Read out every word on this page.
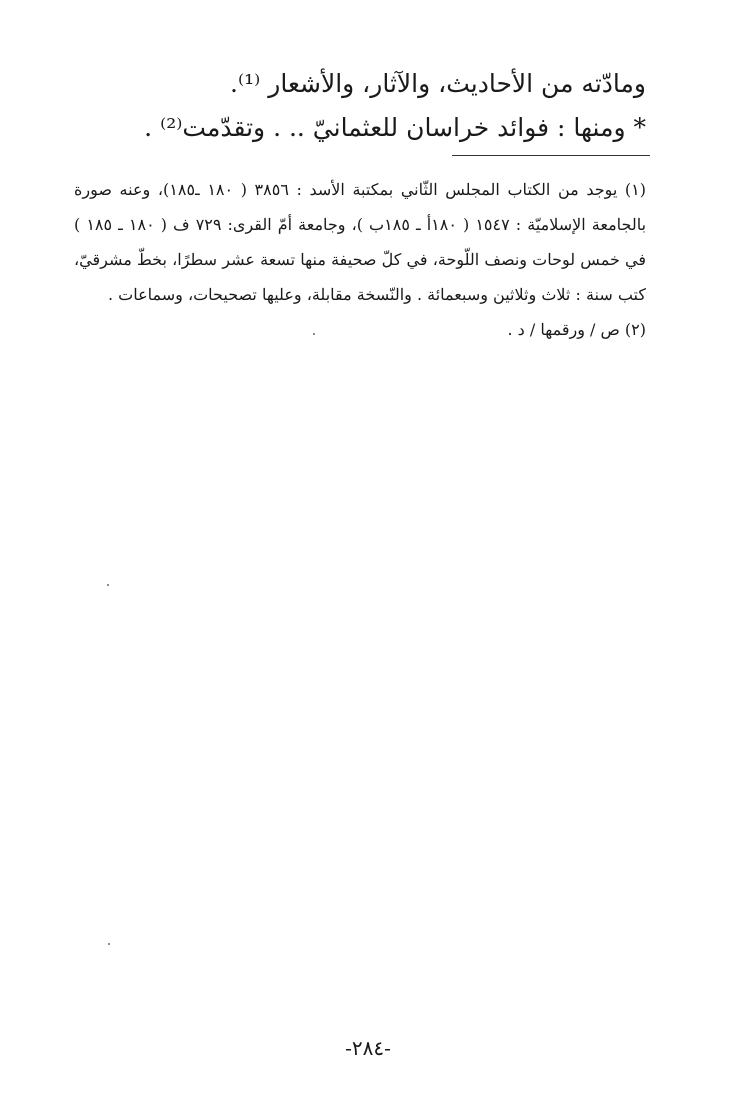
ومادّته من الأحاديث، والآثار، والأشعار ⁽¹⁾.
* ومنها : فوائد خراسان للعثمانيّ .. . وتقدّمت⁽²⁾ .

(١) يوجد من الكتاب المجلس الثّاني بمكتبة الأسد : ٣٨٥٦ ( ١٨٠ ـ١٨٥)، وعنه صورة بالجامعة الإسلاميّة : ١٥٤٧ ( ١٨٠أ ـ ١٨٥ب )، وجامعة أمّ القرى: ٧٢٩ ف ( ١٨٠ ـ ١٨٥ ) في خمس لوحات ونصف اللّوحة، في كلّ صحيفة منها تسعة عشر سطرًا، بخطّ مشرقيّ، كتب سنة : ثلاث وثلاثين وسبعمائة . والنّسخة مقابلة، وعليها تصحيحات، وسماعات .

(٢) ص / ورقمها / د .

-٢٨٤-
